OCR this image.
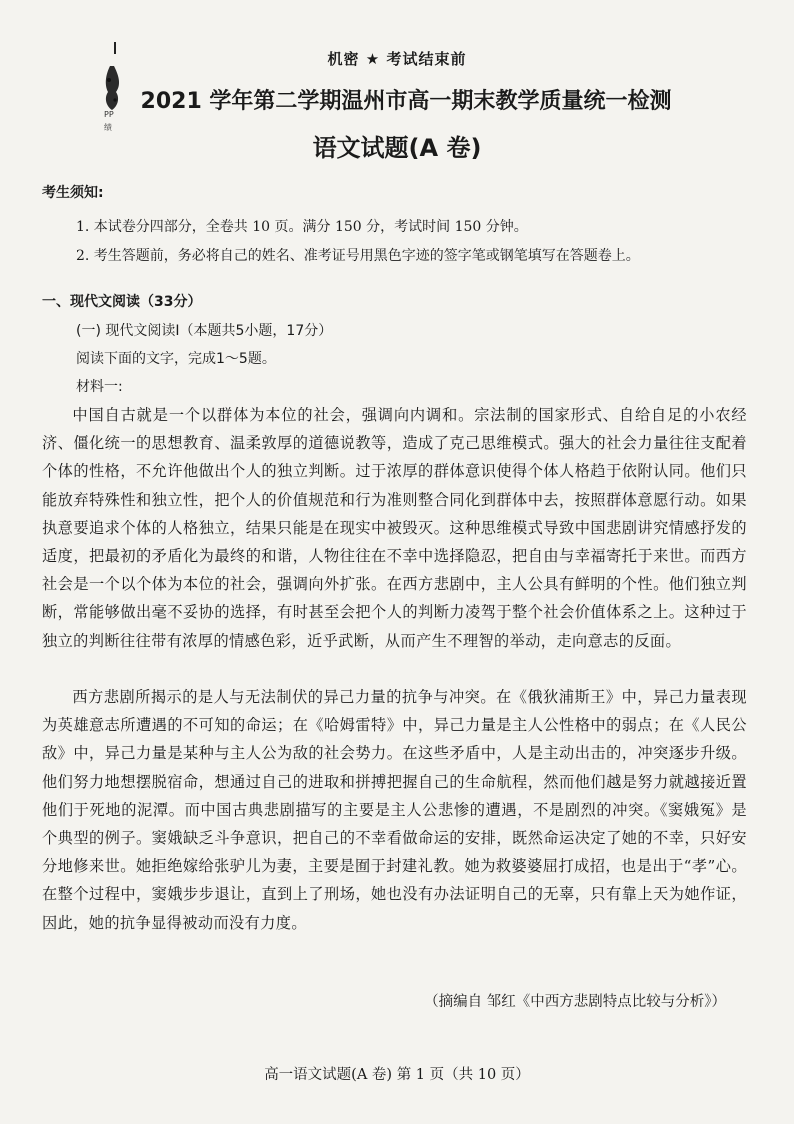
PP
绩
机密 ★ 考试结束前
2021 学年第二学期温州市高一期末教学质量统一检测
语文试题(A 卷)
考生须知:
1. 本试卷分四部分，全卷共 10 页。满分 150 分，考试时间 150 分钟。
2. 考生答题前，务必将自己的姓名、准考证号用黑色字迹的签字笔或钢笔填写在答题卷上。
一、现代文阅读（33分）
(一) 现代文阅读Ⅰ（本题共5小题，17分）
阅读下面的文字，完成1～5题。
材料一:

中国自古就是一个以群体为本位的社会，强调向内调和。宗法制的国家形式、自给自足的小农经济、僵化统一的思想教育、温柔敦厚的道德说教等，造成了克己思维模式。强大的社会力量往往支配着个体的性格，不允许他做出个人的独立判断。过于浓厚的群体意识使得个体人格趋于依附认同。他们只能放弃特殊性和独立性，把个人的价值规范和行为准则整合同化到群体中去，按照群体意愿行动。如果执意要追求个体的人格独立，结果只能是在现实中被毁灭。这种思维模式导致中国悲剧讲究情感抒发的适度，把最初的矛盾化为最终的和谐，人物往往在不幸中选择隐忍，把自由与幸福寄托于来世。而西方社会是一个以个体为本位的社会，强调向外扩张。在西方悲剧中，主人公具有鲜明的个性。他们独立判断，常能够做出毫不妥协的选择，有时甚至会把个人的判断力凌驾于整个社会价值体系之上。这种过于独立的判断往往带有浓厚的情感色彩，近乎武断，从而产生不理智的举动，走向意志的反面。

西方悲剧所揭示的是人与无法制伏的异己力量的抗争与冲突。在《俄狄浦斯王》中，异己力量表现为英雄意志所遭遇的不可知的命运；在《哈姆雷特》中，异己力量是主人公性格中的弱点；在《人民公敌》中，异己力量是某种与主人公为敌的社会势力。在这些矛盾中，人是主动出击的，冲突逐步升级。他们努力地想摆脱宿命，想通过自己的进取和拼搏把握自己的生命航程，然而他们越是努力就越接近置他们于死地的泥潭。而中国古典悲剧描写的主要是主人公悲惨的遭遇，不是剧烈的冲突。《窦娥冤》是个典型的例子。窦娥缺乏斗争意识，把自己的不幸看做命运的安排，既然命运决定了她的不幸，只好安分地修来世。她拒绝嫁给张驴儿为妻，主要是囿于封建礼教。她为救婆婆屈打成招，也是出于“孝”心。在整个过程中，窦娥步步退让，直到上了刑场，她也没有办法证明自己的无辜，只有靠上天为她作证，因此，她的抗争显得被动而没有力度。

（摘编自 邹红《中西方悲剧特点比较与分析》）
高一语文试题(A 卷) 第 1 页（共 10 页）
